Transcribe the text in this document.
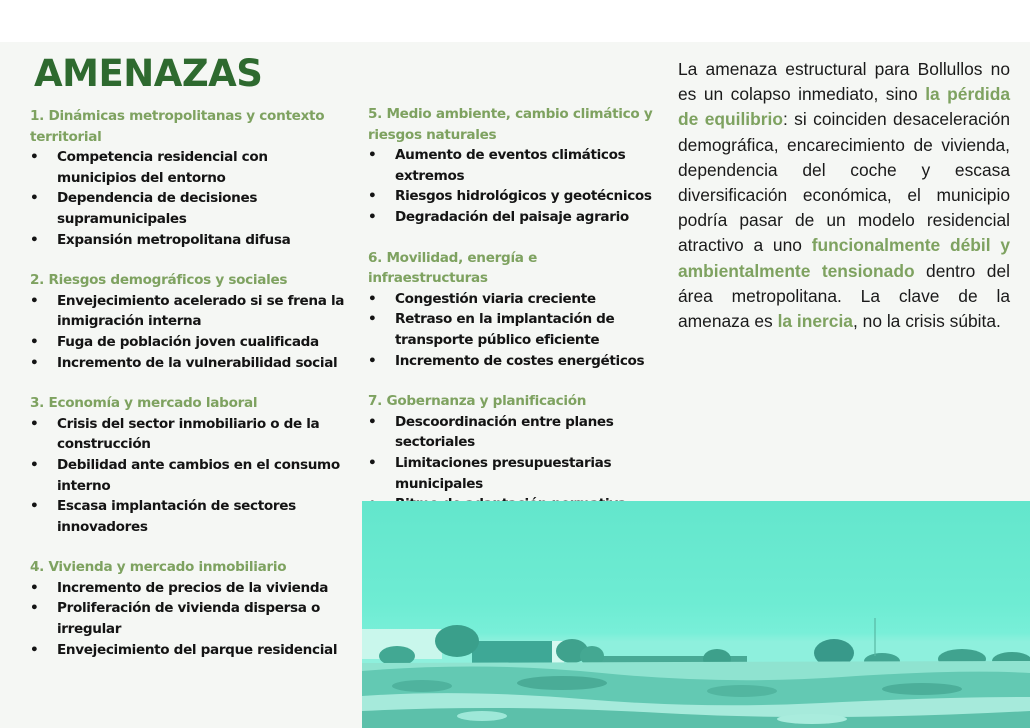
AMENAZAS

1. Dinámicas metropolitanas y contexto territorial

• Competencia residencial con municipios del entorno
• Dependencia de decisiones supramunicipales
• Expansión metropolitana difusa

2. Riesgos demográficos y sociales

• Envejecimiento acelerado si se frena la inmigración interna
• Fuga de población joven cualificada
• Incremento de la vulnerabilidad social

3. Economía y mercado laboral

• Crisis del sector inmobiliario o de la construcción
• Debilidad ante cambios en el consumo interno
• Escasa implantación de sectores innovadores

4. Vivienda y mercado inmobiliario

• Incremento de precios de la vivienda
• Proliferación de vivienda dispersa o irregular
• Envejecimiento del parque residencial

5. Medio ambiente, cambio climático y riesgos naturales

• Aumento de eventos climáticos extremos
• Riesgos hidrológicos y geotécnicos
• Degradación del paisaje agrario

6. Movilidad, energía e infraestructuras

• Congestión viaria creciente
• Retraso en la implantación de transporte público eficiente
• Incremento de costes energéticos

7. Gobernanza y planificación

• Descoordinación entre planes sectoriales
• Limitaciones presupuestarias municipales

La amenaza estructural para Bollullos no es un colapso inmediato, sino la pérdida de equilibrio: si coinciden desaceleración demográfica, encarecimiento de vivienda, dependencia del coche y escasa diversificación económica, el municipio podría pasar de un modelo residencial atractivo a uno funcionalmente débil y ambientalmente tensionado dentro del área metropolitana. La clave de la amenaza es la inercia, no la crisis súbita.
